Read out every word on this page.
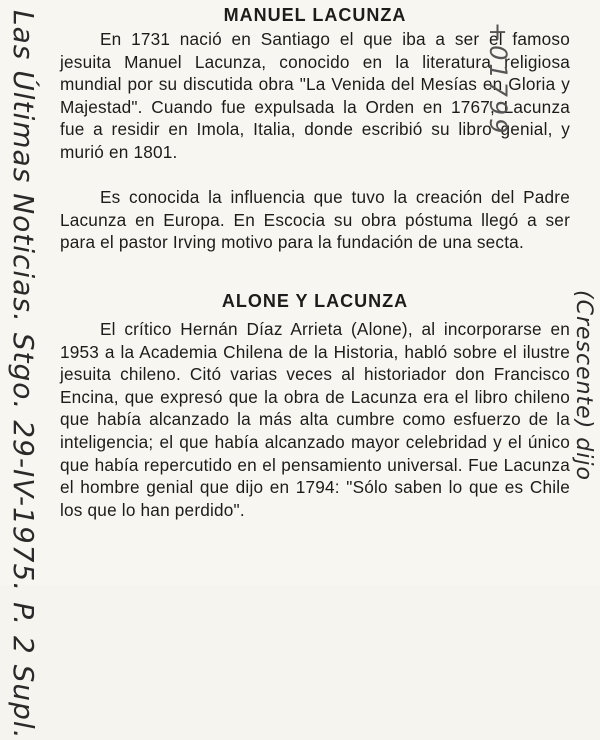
MANUEL LACUNZA

En 1731 nació en Santiago el que iba a ser el famoso jesuita Manuel Lacunza, conocido en la literatura religiosa mundial por su discutida obra "La Venida del Mesías en Gloria y Majestad". Cuando fue expulsada la Orden en 1767, Lacunza fue a residir en Imola, Italia, donde escribió su libro genial, y murió en 1801.

Es conocida la influencia que tuvo la creación del Padre Lacunza en Europa. En Escocia su obra póstuma llegó a ser para el pastor Irving motivo para la fundación de una secta.

ALONE Y LACUNZA

El crítico Hernán Díaz Arrieta (Alone), al incorporarse en 1953 a la Academia Chilena de la Historia, habló sobre el ilustre jesuita chileno. Citó varias veces al historiador don Francisco Encina, que expresó que la obra de Lacunza era el libro chileno que había alcanzado la más alta cumbre como esfuerzo de la inteligencia; el que había alcanzado mayor celebridad y el único que había repercutido en el pensamiento universal. Fue Lacunza el hombre genial que dijo en 1794: "Sólo saben lo que es Chile los que lo han perdido".

Las Últimas Noticias. Stgo. 29-IV-1975. P. 2 Supl.	+01799
(Crescente) dijo
